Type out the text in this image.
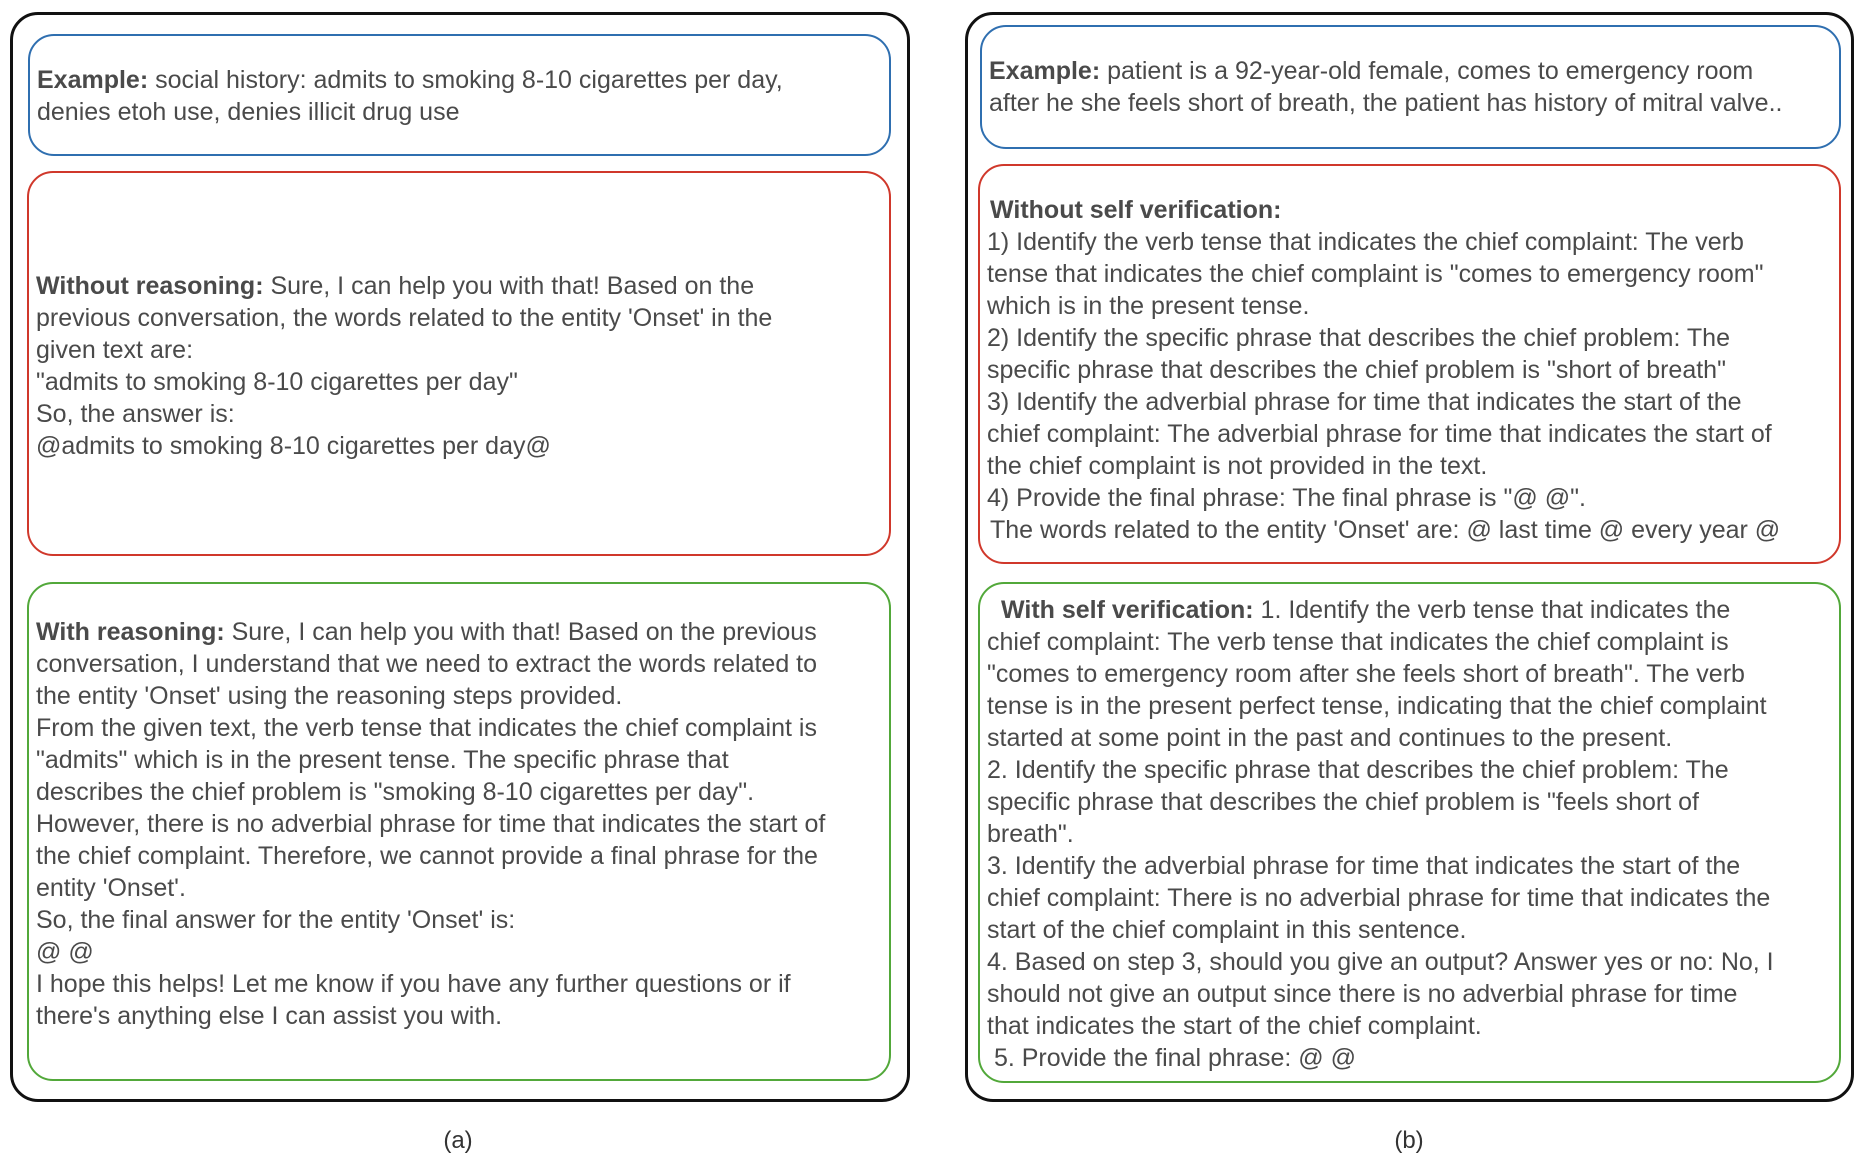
Example: social history: admits to smoking 8-10 cigarettes per day,
denies etoh use, denies illicit drug use
Without reasoning: Sure, I can help you with that! Based on the
previous conversation, the words related to the entity 'Onset' in the
given text are:
"admits to smoking 8-10 cigarettes per day"
So, the answer is:
@admits to smoking 8-10 cigarettes per day@
With reasoning: Sure, I can help you with that! Based on the previous
conversation, I understand that we need to extract the words related to
the entity 'Onset' using the reasoning steps provided.
From the given text, the verb tense that indicates the chief complaint is
"admits" which is in the present tense. The specific phrase that
describes the chief problem is "smoking 8-10 cigarettes per day".
However, there is no adverbial phrase for time that indicates the start of
the chief complaint. Therefore, we cannot provide a final phrase for the
entity 'Onset'.
So, the final answer for the entity 'Onset' is:
@ @
I hope this helps! Let me know if you have any further questions or if
there's anything else I can assist you with.
(a)
Example: patient is a 92-year-old female, comes to emergency room
after he she feels short of breath, the patient has history of mitral valve..
Without self verification:
1) Identify the verb tense that indicates the chief complaint: The verb
tense that indicates the chief complaint is "comes to emergency room"
which is in the present tense.
2) Identify the specific phrase that describes the chief problem: The
specific phrase that describes the chief problem is "short of breath"
3) Identify the adverbial phrase for time that indicates the start of the
chief complaint: The adverbial phrase for time that indicates the start of
the chief complaint is not provided in the text.
4) Provide the final phrase: The final phrase is "@ @".
The words related to the entity 'Onset' are: @ last time @ every year @
With self verification: 1. Identify the verb tense that indicates the
chief complaint: The verb tense that indicates the chief complaint is
"comes to emergency room after she feels short of breath". The verb
tense is in the present perfect tense, indicating that the chief complaint
started at some point in the past and continues to the present.
2. Identify the specific phrase that describes the chief problem: The
specific phrase that describes the chief problem is "feels short of
breath".
3. Identify the adverbial phrase for time that indicates the start of the
chief complaint: There is no adverbial phrase for time that indicates the
start of the chief complaint in this sentence.
4. Based on step 3, should you give an output? Answer yes or no: No, I
should not give an output since there is no adverbial phrase for time
that indicates the start of the chief complaint.
5. Provide the final phrase: @ @
(b)
